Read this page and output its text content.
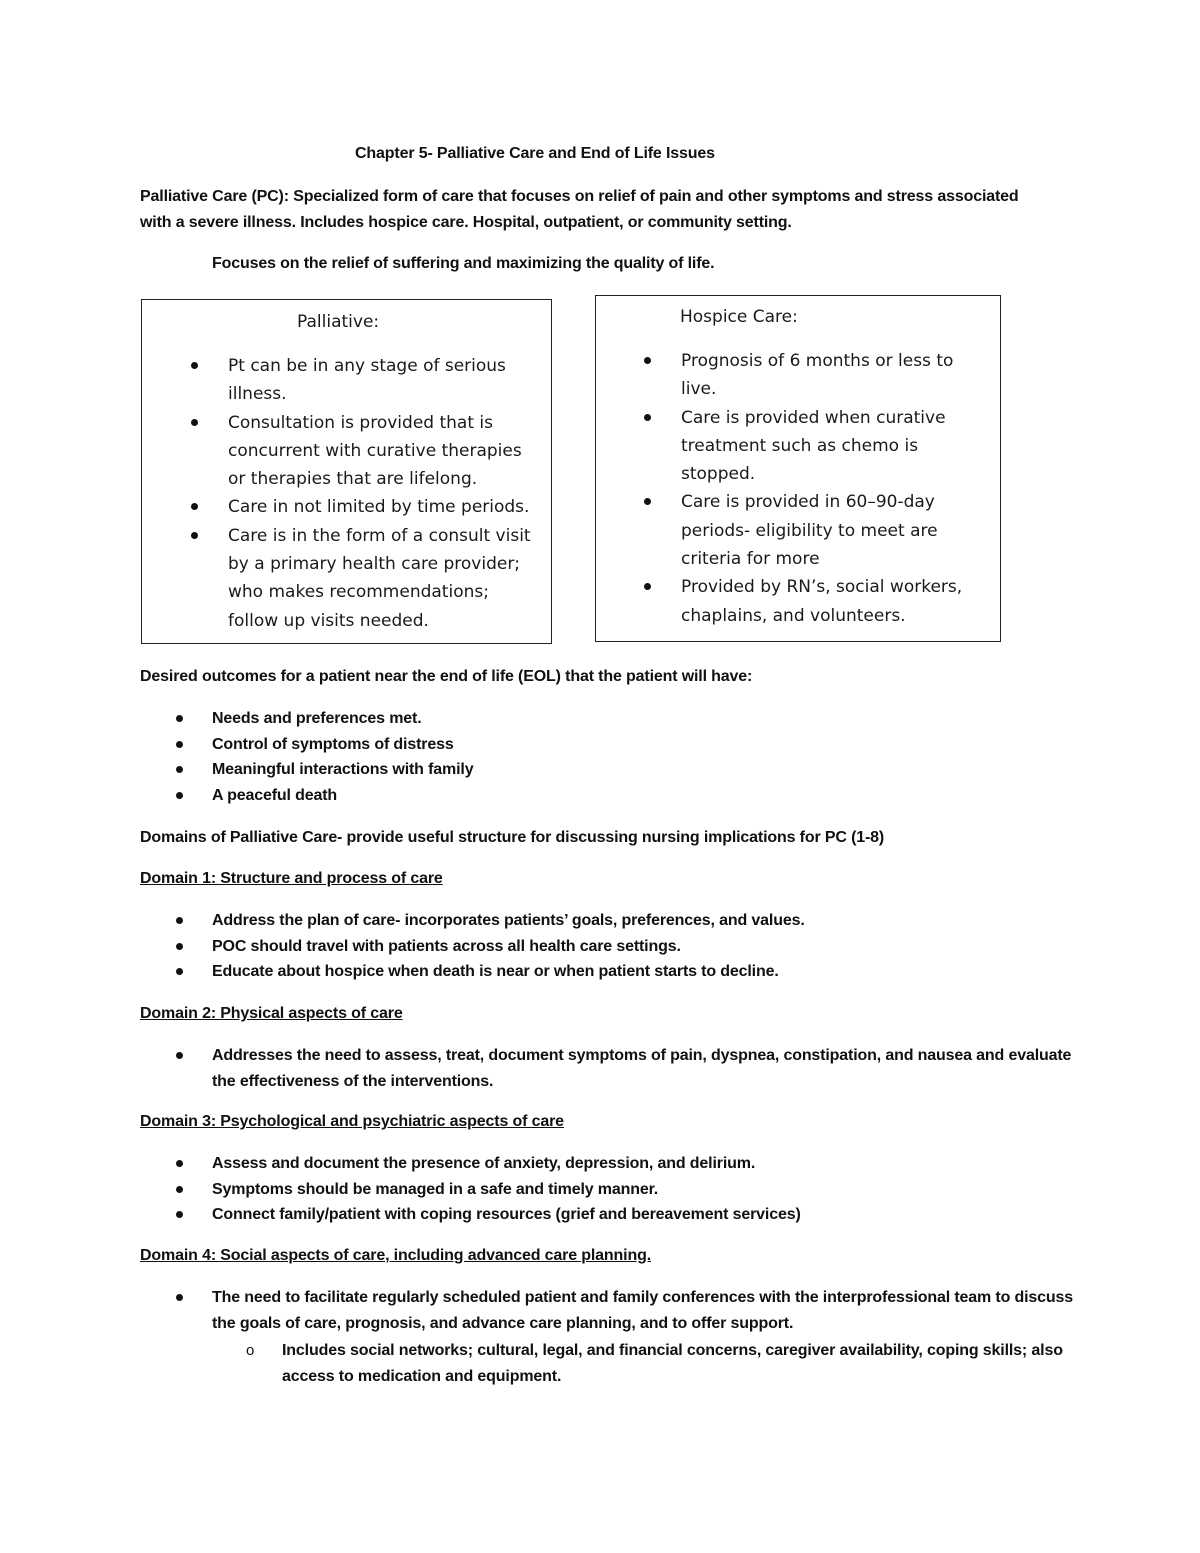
Chapter 5- Palliative Care and End of Life Issues
Palliative Care (PC): Specialized form of care that focuses on relief of pain and other symptoms and stress associated with a severe illness. Includes hospice care. Hospital, outpatient, or community setting.
Focuses on the relief of suffering and maximizing the quality of life.
Palliative:
Pt can be in any stage of serious illness.
Consultation is provided that is concurrent with curative therapies or therapies that are lifelong.
Care in not limited by time periods.
Care is in the form of a consult visit by a primary health care provider; who makes recommendations; follow up visits needed.
Hospice Care:
Prognosis of 6 months or less to live.
Care is provided when curative treatment such as chemo is stopped.
Care is provided in 60–90-day periods- eligibility to meet are criteria for more
Provided by RN’s, social workers, chaplains, and volunteers.
Desired outcomes for a patient near the end of life (EOL) that the patient will have:
Needs and preferences met.
Control of symptoms of distress
Meaningful interactions with family
A peaceful death
Domains of Palliative Care- provide useful structure for discussing nursing implications for PC (1-8)
Domain 1: Structure and process of care
Address the plan of care- incorporates patients’ goals, preferences, and values.
POC should travel with patients across all health care settings.
Educate about hospice when death is near or when patient starts to decline.
Domain 2: Physical aspects of care
Addresses the need to assess, treat, document symptoms of pain, dyspnea, constipation, and nausea and evaluate the effectiveness of the interventions.
Domain 3: Psychological and psychiatric aspects of care
Assess and document the presence of anxiety, depression, and delirium.
Symptoms should be managed in a safe and timely manner.
Connect family/patient with coping resources (grief and bereavement services)
Domain 4: Social aspects of care, including advanced care planning.
The need to facilitate regularly scheduled patient and family conferences with the interprofessional team to discuss the goals of care, prognosis, and advance care planning, and to offer support.
o Includes social networks; cultural, legal, and financial concerns, caregiver availability, coping skills; also access to medication and equipment.
